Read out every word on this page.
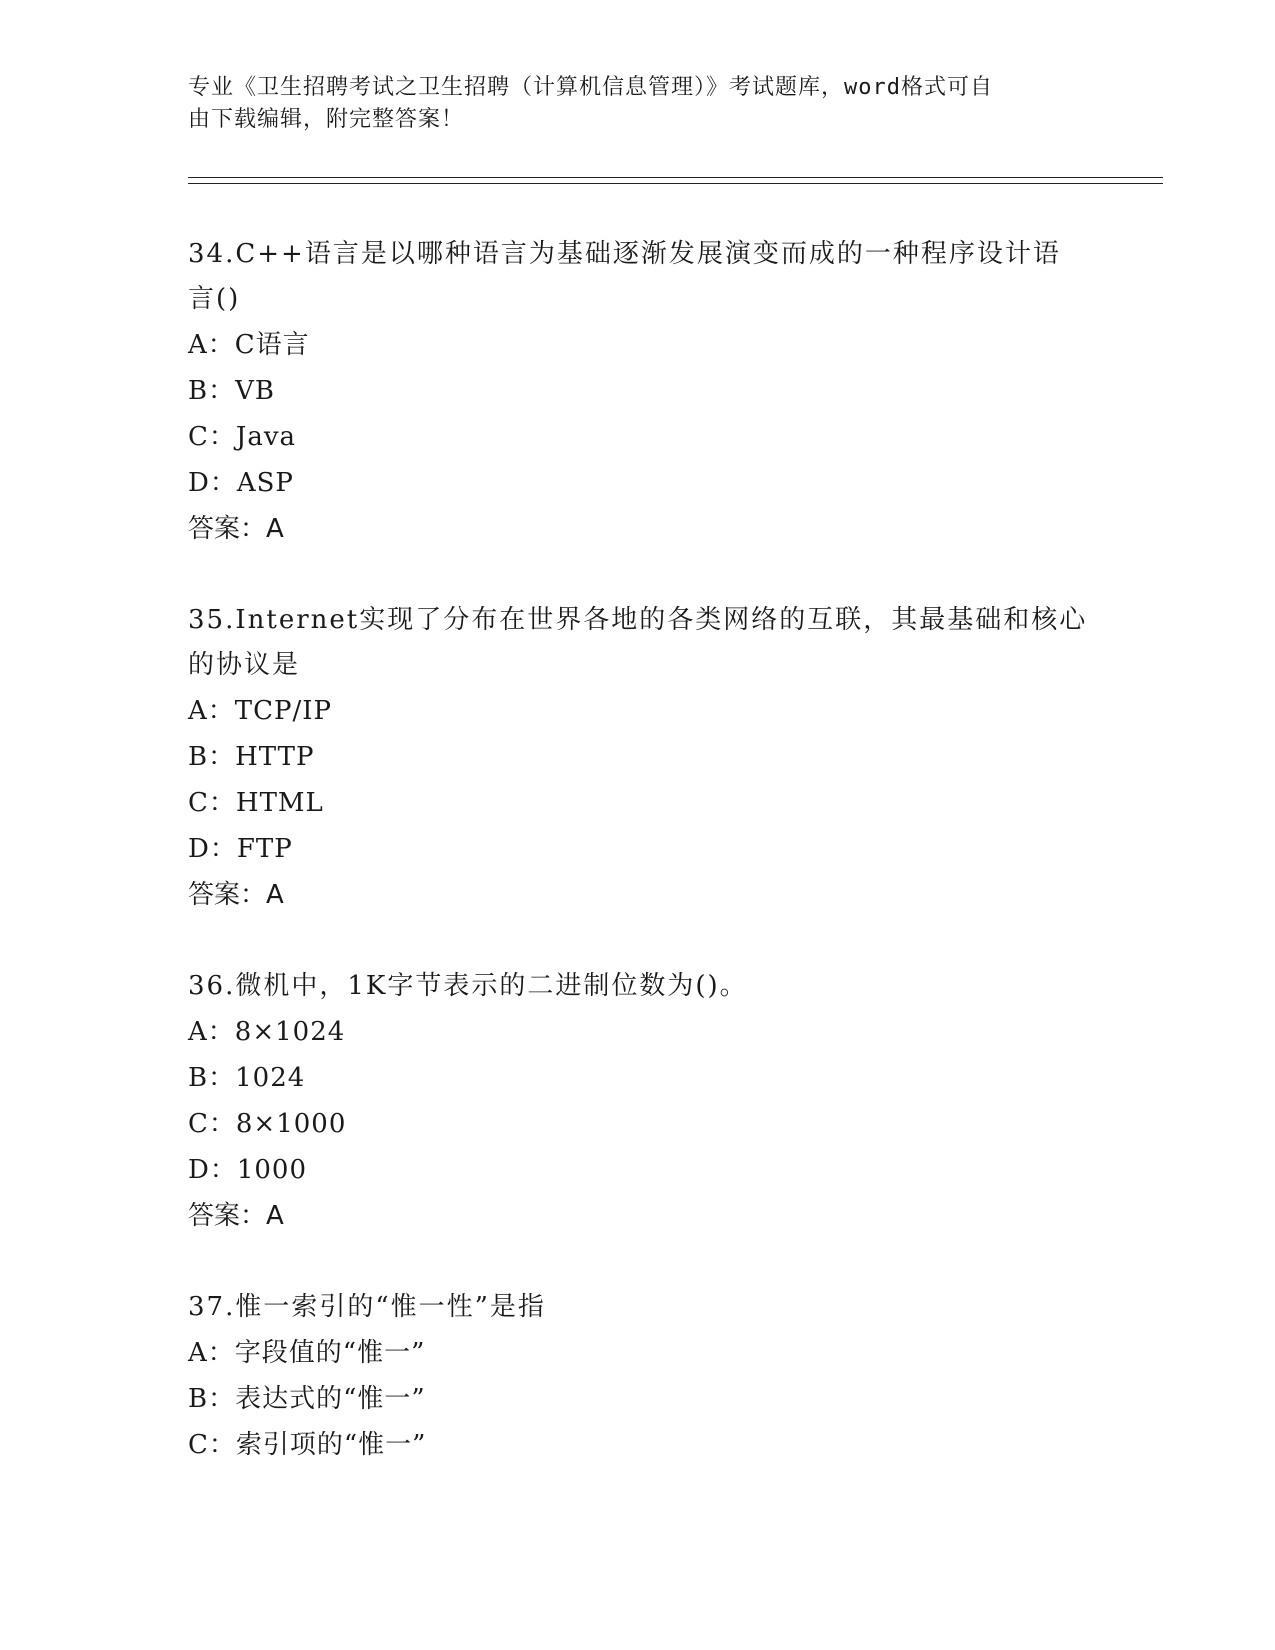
专业《卫生招聘考试之卫生招聘（计算机信息管理）》考试题库，word格式可自
由下载编辑，附完整答案！

34.C++语言是以哪种语言为基础逐渐发展演变而成的一种程序设计语言()

A：C语言

B：VB

C：Java

D：ASP

答案：A

35.Internet实现了分布在世界各地的各类网络的互联，其最基础和核心的协议是

A：TCP/IP

B：HTTP

C：HTML

D：FTP

答案：A

36.微机中，1K字节表示的二进制位数为()。

A：8×1024

B：1024

C：8×1000

D：1000

答案：A

37.惟一索引的“惟一性”是指

A：字段值的“惟一”

B：表达式的“惟一”

C：索引项的“惟一”
